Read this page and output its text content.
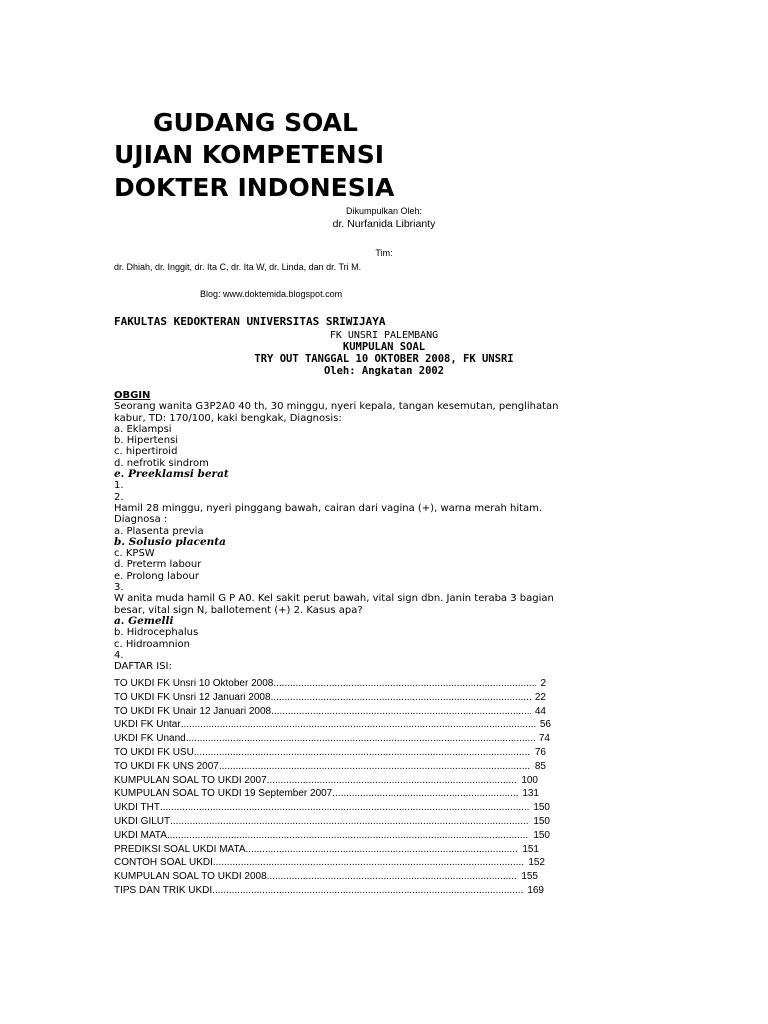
GUDANG SOAL
UJIAN KOMPETENSI
DOKTER INDONESIA
Dikumpulkan Oleh:
dr. Nurfanida Librianty
Tim:
dr. Dhiah, dr. Inggit, dr. Ita C, dr. Ita W, dr. Linda, dan dr. Tri M.
Blog: www.doktemida.blogspot.com
FAKULTAS KEDOKTERAN UNIVERSITAS SRIWIJAYA
FK UNSRI PALEMBANG
KUMPULAN SOAL
TRY OUT TANGGAL 10 OKTOBER 2008, FK UNSRI
Oleh: Angkatan 2002
OBGIN
Seorang wanita G3P2A0 40 th, 30 minggu, nyeri kepala, tangan kesemutan, penglihatan
kabur, TD: 170/100, kaki bengkak, Diagnosis:
a. Eklampsi
b. Hipertensi
c. hipertiroid
d. nefrotik sindrom
e. Preeklamsi berat
1.
2.
Hamil 28 minggu, nyeri pinggang bawah, cairan dari vagina (+), warna merah hitam.
Diagnosa :
a. Plasenta previa
b. Solusio placenta
c. KPSW
d. Preterm labour
e. Prolong labour
3.
W anita muda hamil G P A0. Kel sakit perut bawah, vital sign dbn. Janin teraba 3 bagian
besar, vital sign N, ballotement (+) 2. Kasus apa?
a. Gemelli
b. Hidrocephalus
c. Hidroamnion
4.
DAFTAR ISI:
TO UKDI FK Unsri 10 Oktober 2008 .....	2
TO UKDI FK Unsri 12 Januari 2008 .....	22
TO UKDI FK Unair 12 Januari 2008 .....	44
UKDI FK Untar .....	56
UKDI FK Unand .....	74
TO UKDI FK USU .....	76
TO UKDI FK UNS 2007 .....	85
KUMPULAN SOAL TO UKDI 2007 .....	100
KUMPULAN SOAL TO UKDI 19 September 2007 .....	131
UKDI THT .....	150
UKDI GILUT .....	150
UKDI MATA .....	150
PREDIKSI SOAL UKDI MATA .....	151
CONTOH SOAL UKDI .....	152
KUMPULAN SOAL TO UKDI 2008 .....	155
TIPS DAN TRIK UKDI .....	169
